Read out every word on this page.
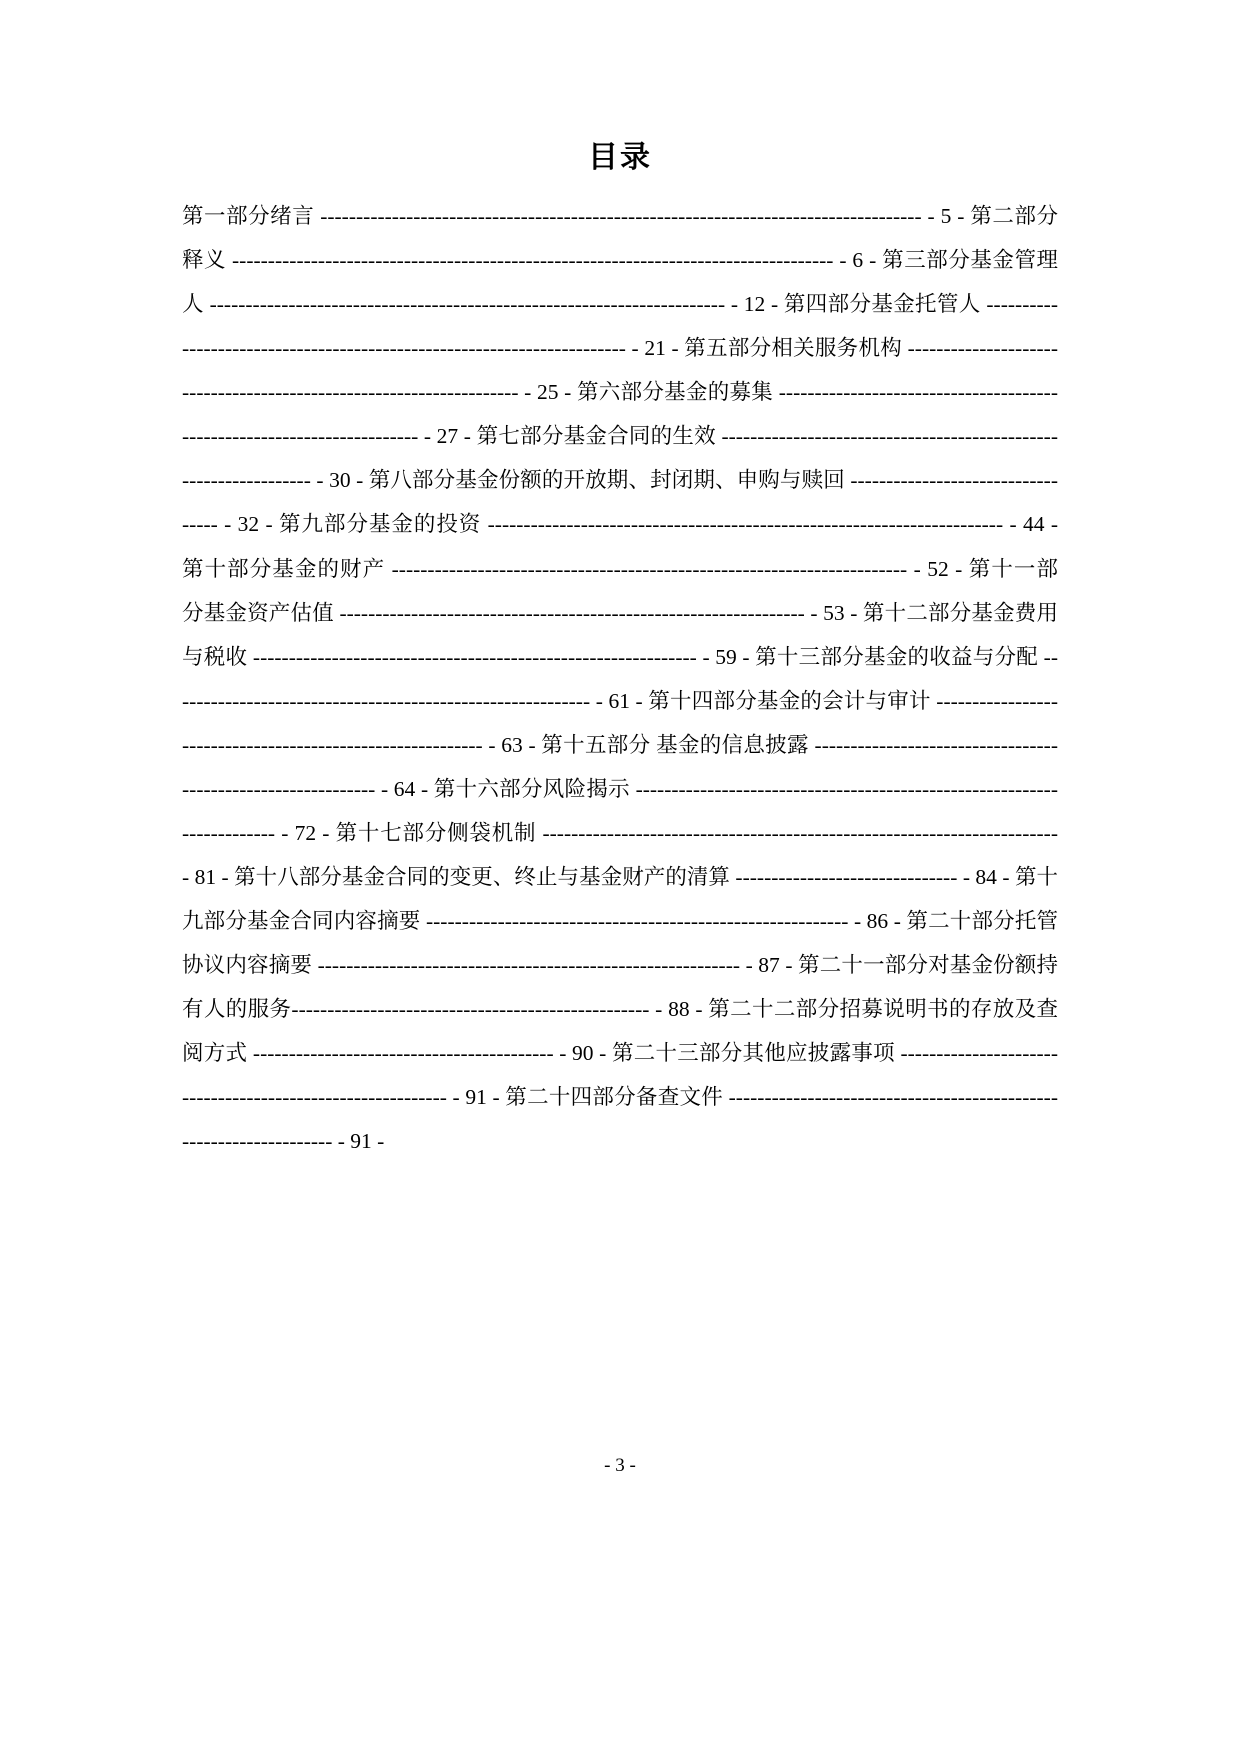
目录

第一部分绪言 ------------------------------------------------------------------------------------ - 5 - 第二部分释义 ------------------------------------------------------------------------------------ - 6 - 第三部分基金管理人 ------------------------------------------------------------------------ - 12 - 第四部分基金托管人 ------------------------------------------------------------------------ - 21 - 第五部分相关服务机构 -------------------------------------------------------------------- - 25 - 第六部分基金的募集 ------------------------------------------------------------------------ - 27 - 第七部分基金合同的生效 ----------------------------------------------------------------- - 30 - 第八部分基金份额的开放期、封闭期、申购与赎回 ---------------------------------- - 32 - 第九部分基金的投资 ------------------------------------------------------------------------ - 44 - 第十部分基金的财产 ------------------------------------------------------------------------ - 52 - 第十一部分基金资产估值 ----------------------------------------------------------------- - 53 - 第十二部分基金费用与税收 -------------------------------------------------------------- - 59 - 第十三部分基金的收益与分配 ----------------------------------------------------------- - 61 - 第十四部分基金的会计与审计 ----------------------------------------------------------- - 63 - 第十五部分 基金的信息披露 ------------------------------------------------------------- - 64 - 第十六部分风险揭示 ------------------------------------------------------------------------ - 72 - 第十七部分侧袋机制 ------------------------------------------------------------------------ - 81 - 第十八部分基金合同的变更、终止与基金财产的清算 ------------------------------- - 84 - 第十九部分基金合同内容摘要 ----------------------------------------------------------- - 86 - 第二十部分托管协议内容摘要 ----------------------------------------------------------- - 87 - 第二十一部分对基金份额持有人的服务-------------------------------------------------- - 88 - 第二十二部分招募说明书的存放及查阅方式 ------------------------------------------ - 90 - 第二十三部分其他应披露事项 ----------------------------------------------------------- - 91 - 第二十四部分备查文件 ------------------------------------------------------------------- - 91 -

- 3 -
